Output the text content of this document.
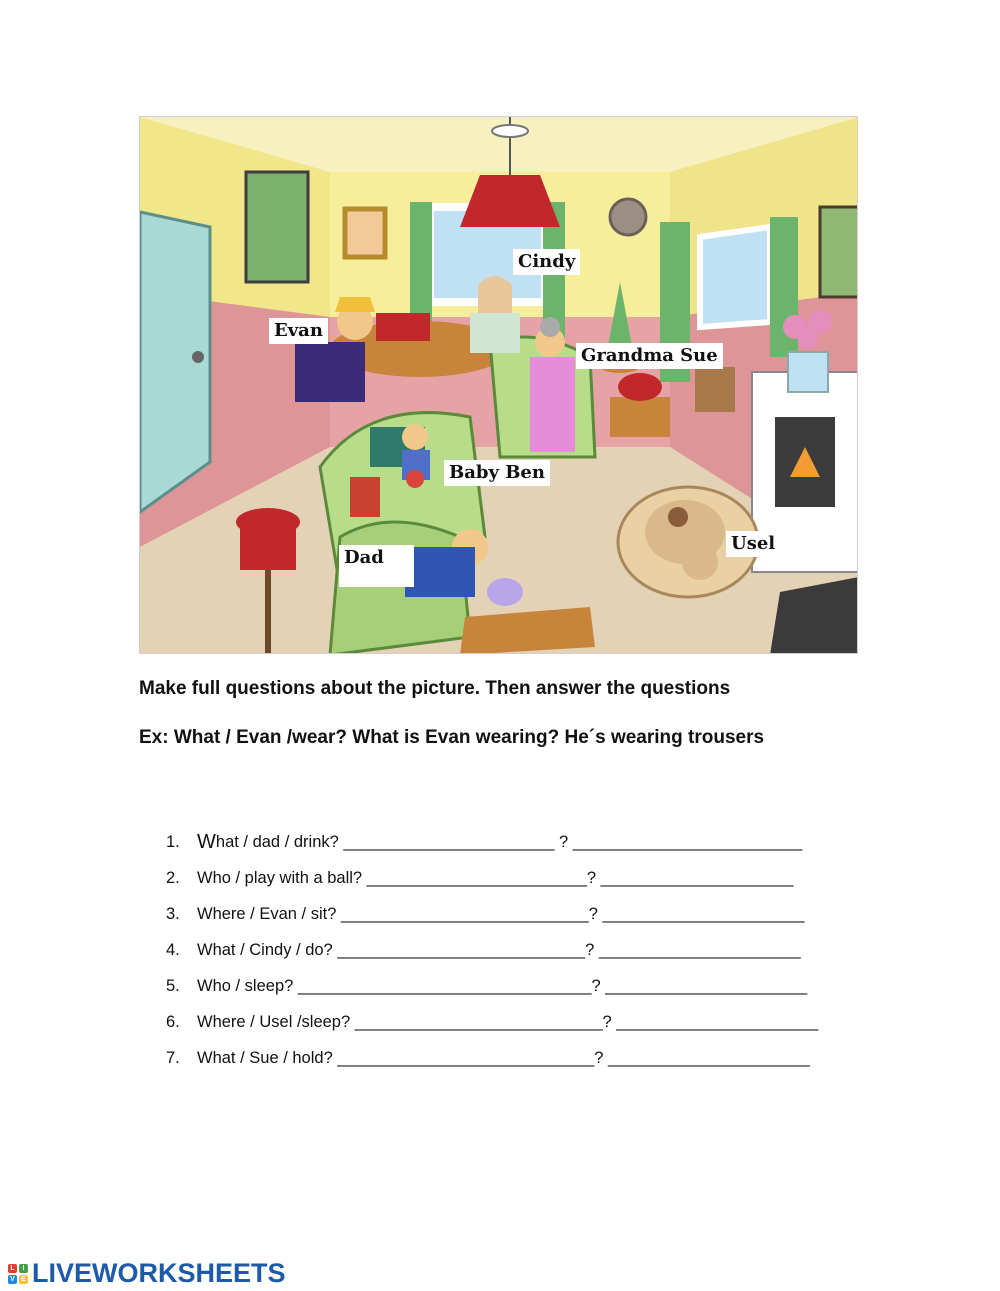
Cindy
Evan
Grandma Sue
Baby Ben
Dad
Usel
Make full questions about the picture. Then answer the questions
Ex: What / Evan /wear? What is Evan wearing? He´s wearing trousers
1. W hat / dad / drink? _______________________ ? _________________________
2.	Who / play with a ball? ________________________? _____________________
3.	Where / Evan / sit? ___________________________? ______________________
4.	What / Cindy / do? ___________________________? ______________________
5.	Who / sleep? ________________________________? ______________________
6.	Where / Usel /sleep? ___________________________? ______________________
7.	What / Sue / hold? ____________________________? ______________________
L	I
V E LIVEWORKSHEETS
